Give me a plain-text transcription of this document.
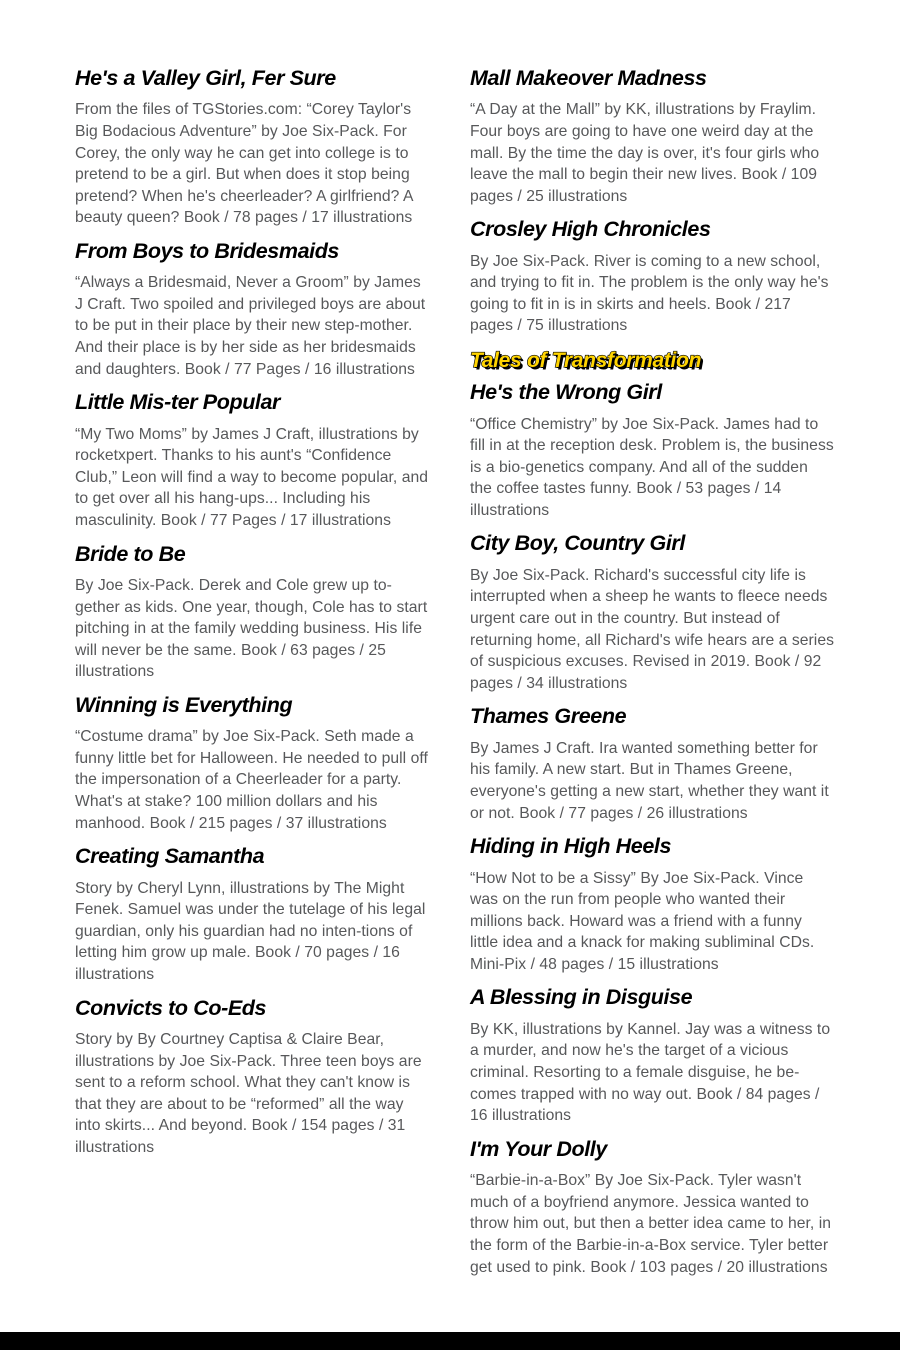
He's a Valley Girl, Fer Sure

From the files of TGStories.com: “Corey Taylor's Big Bodacious Adventure” by Joe Six-Pack. For Corey, the only way he can get into college is to pretend to be a girl. But when does it stop being pretend? When he's cheerleader? A girlfriend? A beauty queen? Book / 78 pages / 17 illustrations

From Boys to Bridesmaids

“Always a Bridesmaid, Never a Groom” by James J Craft. Two spoiled and privileged boys are about to be put in their place by their new step-mother. And their place is by her side as her bridesmaids and daughters. Book / 77 Pages / 16 illustrations

Little Mis-ter Popular

“My Two Moms” by James J Craft, illustrations by rocketxpert. Thanks to his aunt's “Confidence Club,” Leon will find a way to become popular, and to get over all his hang-ups... Including his masculinity. Book / 77 Pages / 17 illustrations

Bride to Be

By Joe Six-Pack. Derek and Cole grew up to-gether as kids. One year, though, Cole has to start pitching in at the family wedding business. His life will never be the same. Book / 63 pages / 25 illustrations

Winning is Everything

“Costume drama” by Joe Six-Pack. Seth made a funny little bet for Halloween. He needed to pull off the impersonation of a Cheerleader for a party. What's at stake? 100 million dollars and his manhood. Book / 215 pages / 37 illustrations

Creating Samantha

Story by Cheryl Lynn, illustrations by The Might Fenek. Samuel was under the tutelage of his legal guardian, only his guardian had no inten-tions of letting him grow up male. Book / 70 pages / 16 illustrations

Convicts to Co-Eds

Story by By Courtney Captisa & Claire Bear, illustrations by Joe Six-Pack. Three teen boys are sent to a reform school. What they can't know is that they are about to be “reformed” all the way into skirts... And beyond. Book / 154 pages / 31 illustrations

Mall Makeover Madness

“A Day at the Mall” by KK, illustrations by Fraylim. Four boys are going to have one weird day at the mall. By the time the day is over, it's four girls who leave the mall to begin their new lives. Book / 109 pages / 25 illustrations

Crosley High Chronicles

By Joe Six-Pack. River is coming to a new school, and trying to fit in. The problem is the only way he's going to fit in is in skirts and heels. Book / 217 pages / 75 illustrations

Tales of Transformation
He's the Wrong Girl

“Office Chemistry” by Joe Six-Pack. James had to fill in at the reception desk. Problem is, the business is a bio-genetics company. And all of the sudden the coffee tastes funny. Book / 53 pages / 14 illustrations

City Boy, Country Girl

By Joe Six-Pack. Richard's successful city life is interrupted when a sheep he wants to fleece needs urgent care out in the country. But instead of returning home, all Richard's wife hears are a series of suspicious excuses. Revised in 2019. Book / 92 pages / 34 illustrations

Thames Greene

By James J Craft. Ira wanted something better for his family. A new start. But in Thames Greene, everyone's getting a new start, whether they want it or not. Book / 77 pages / 26 illustrations

Hiding in High Heels

“How Not to be a Sissy” By Joe Six-Pack. Vince was on the run from people who wanted their millions back. Howard was a friend with a funny little idea and a knack for making subliminal CDs. Mini-Pix / 48 pages / 15 illustrations

A Blessing in Disguise

By KK, illustrations by Kannel. Jay was a witness to a murder, and now he's the target of a vicious criminal. Resorting to a female disguise, he be-comes trapped with no way out. Book / 84 pages / 16 illustrations

I'm Your Dolly

“Barbie-in-a-Box” By Joe Six-Pack. Tyler wasn't much of a boyfriend anymore. Jessica wanted to throw him out, but then a better idea came to her, in the form of the Barbie-in-a-Box service. Tyler better get used to pink. Book / 103 pages / 20 illustrations
